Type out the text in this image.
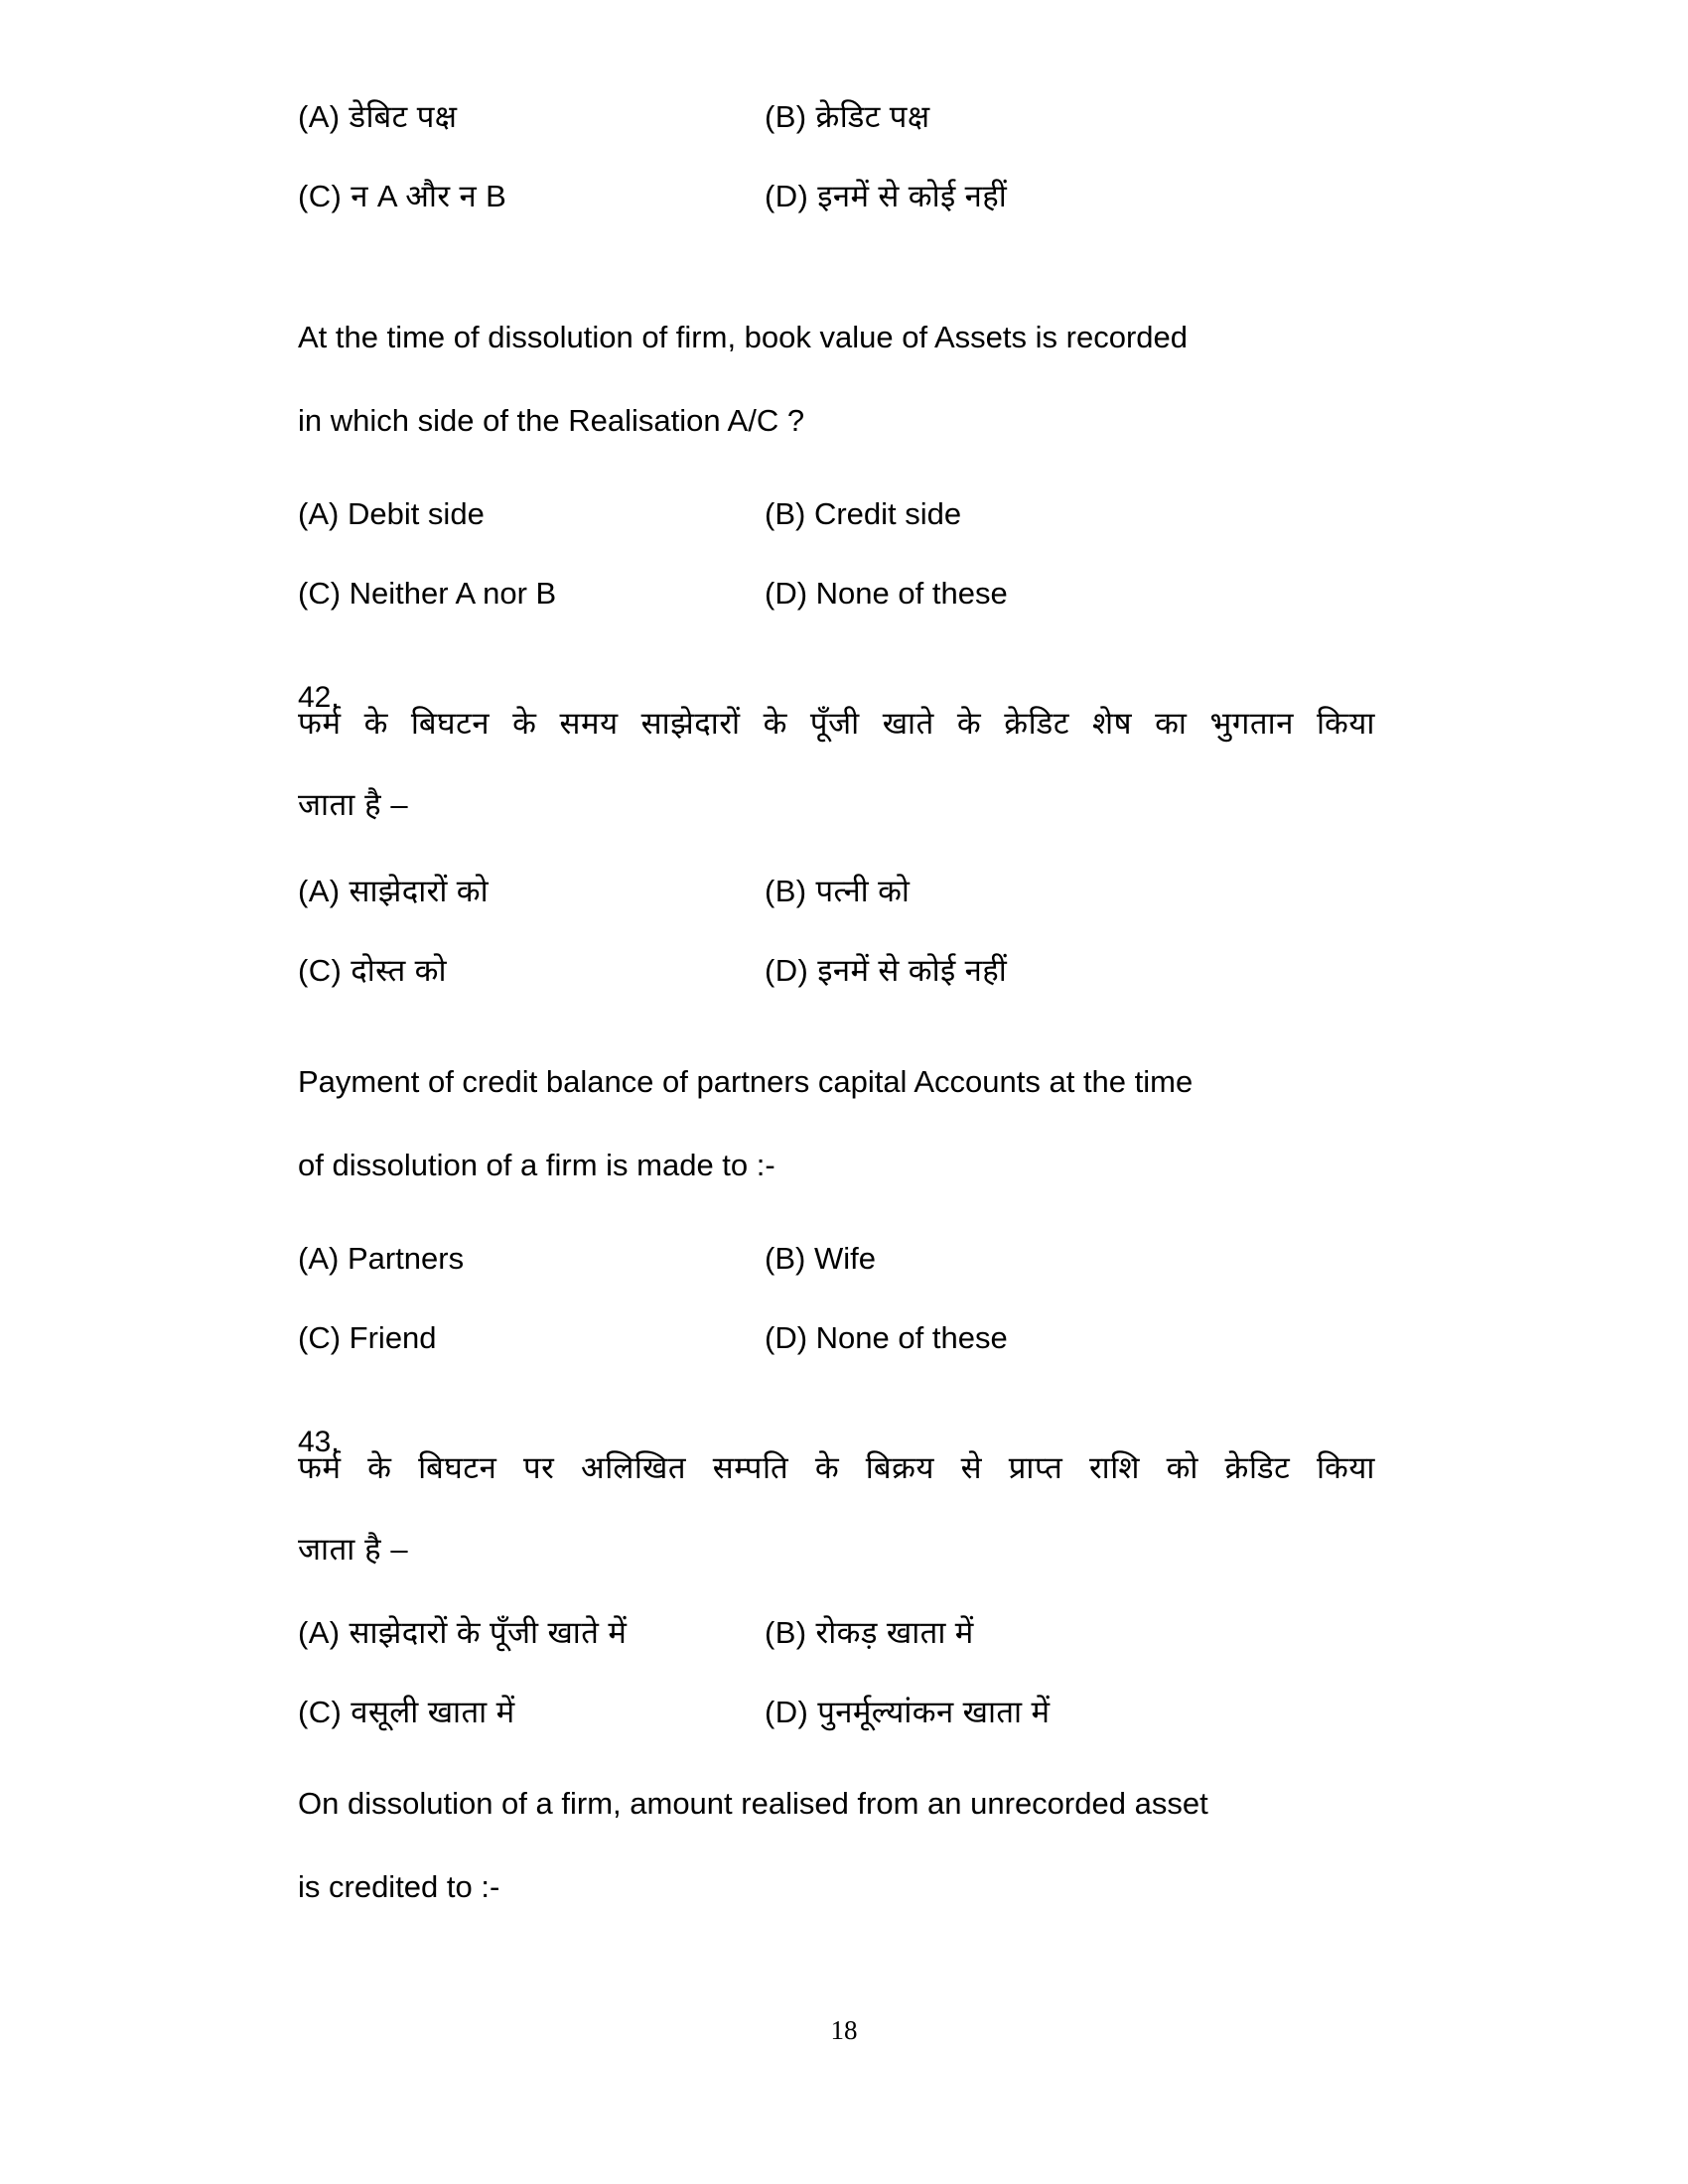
(A) डेबिट पक्ष	(B) क्रेडिट पक्ष
(C) न A और न B	(D) इनमें से कोई नहीं
At the time of dissolution of firm, book value of Assets is recorded
in which side of the Realisation A/C ?
(A) Debit side	(B) Credit side
(C) Neither A nor B	(D) None of these
42.
फर्म के बिघटन के समय साझेदारों के पूँजी खाते के क्रेडिट शेष का भुगतान किया
जाता है –
(A) साझेदारों को	(B) पत्नी को
(C) दोस्त को	(D) इनमें से कोई नहीं
Payment of credit balance of partners capital Accounts at the time
of dissolution of a firm is made to :-
(A) Partners	(B) Wife
(C) Friend	(D) None of these
43.
फर्म के बिघटन पर अलिखित सम्पति के बिक्रय से प्राप्त राशि को क्रेडिट किया
जाता है –
(A) साझेदारों के पूँजी खाते में	(B) रोकड़ खाता में
(C) वसूली खाता में	(D) पुनर्मूल्यांकन खाता में
On dissolution of a firm, amount realised from an unrecorded asset
is credited to :-
18
